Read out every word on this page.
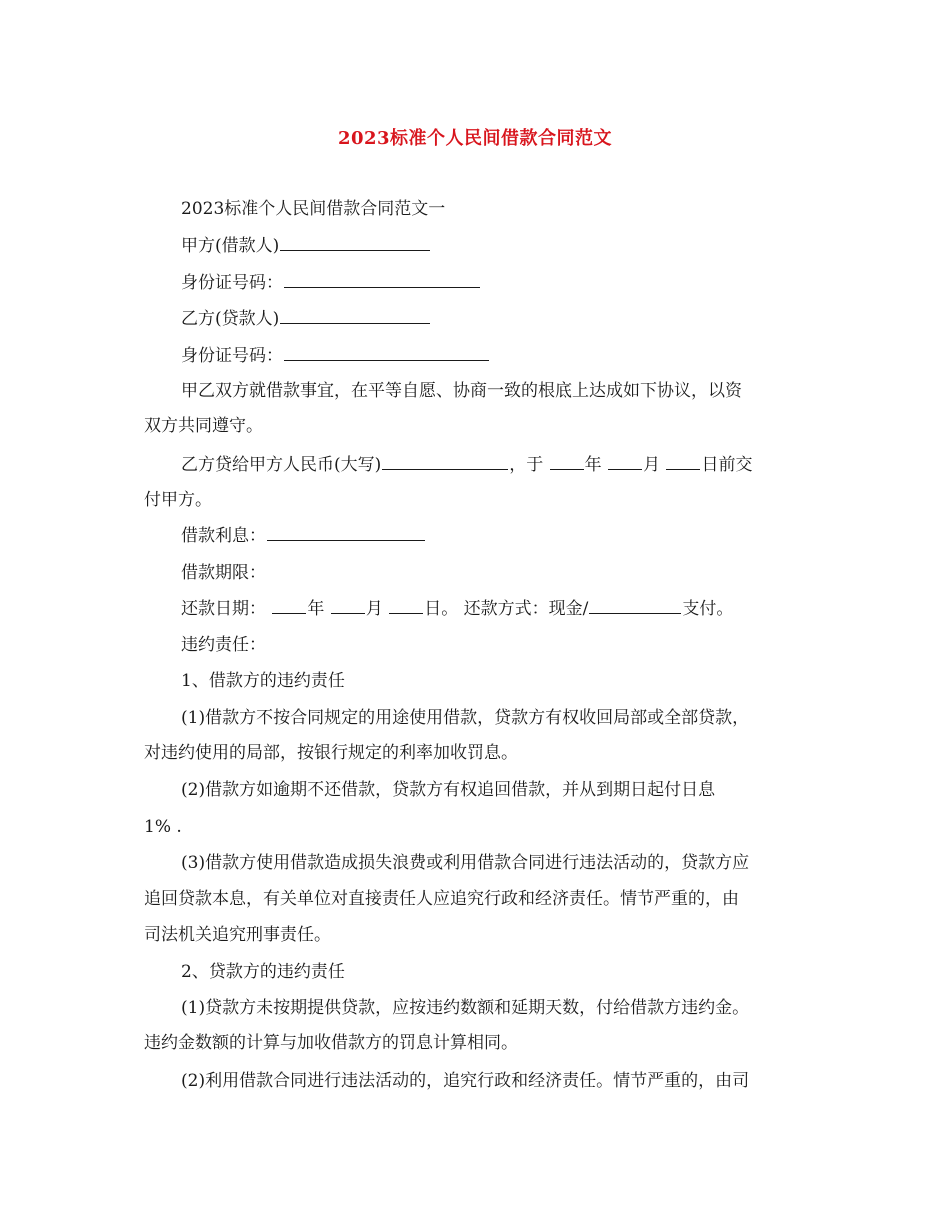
2023标准个人民间借款合同范文
2023标准个人民间借款合同范文一
甲方(借款人)
身份证号码：
乙方(贷款人)
身份证号码：
甲乙双方就借款事宜，在平等自愿、协商一致的根底上达成如下协议，以资
双方共同遵守。
乙方贷给甲方人民币(大写)	，于 年 月 日前交
付甲方。
借款利息：
借款期限：
还款日期： 年 月 日。 还款方式：现金/	支付。
违约责任：
1、借款方的违约责任
(1)借款方不按合同规定的用途使用借款，贷款方有权收回局部或全部贷款，
对违约使用的局部，按银行规定的利率加收罚息。
(2)借款方如逾期不还借款，贷款方有权追回借款，并从到期日起付日息
1% .
(3)借款方使用借款造成损失浪费或利用借款合同进行违法活动的，贷款方应
追回贷款本息，有关单位对直接责任人应追究行政和经济责任。情节严重的，由
司法机关追究刑事责任。
2、贷款方的违约责任
(1)贷款方未按期提供贷款，应按违约数额和延期天数，付给借款方违约金。
违约金数额的计算与加收借款方的罚息计算相同。
(2)利用借款合同进行违法活动的，追究行政和经济责任。情节严重的，由司
